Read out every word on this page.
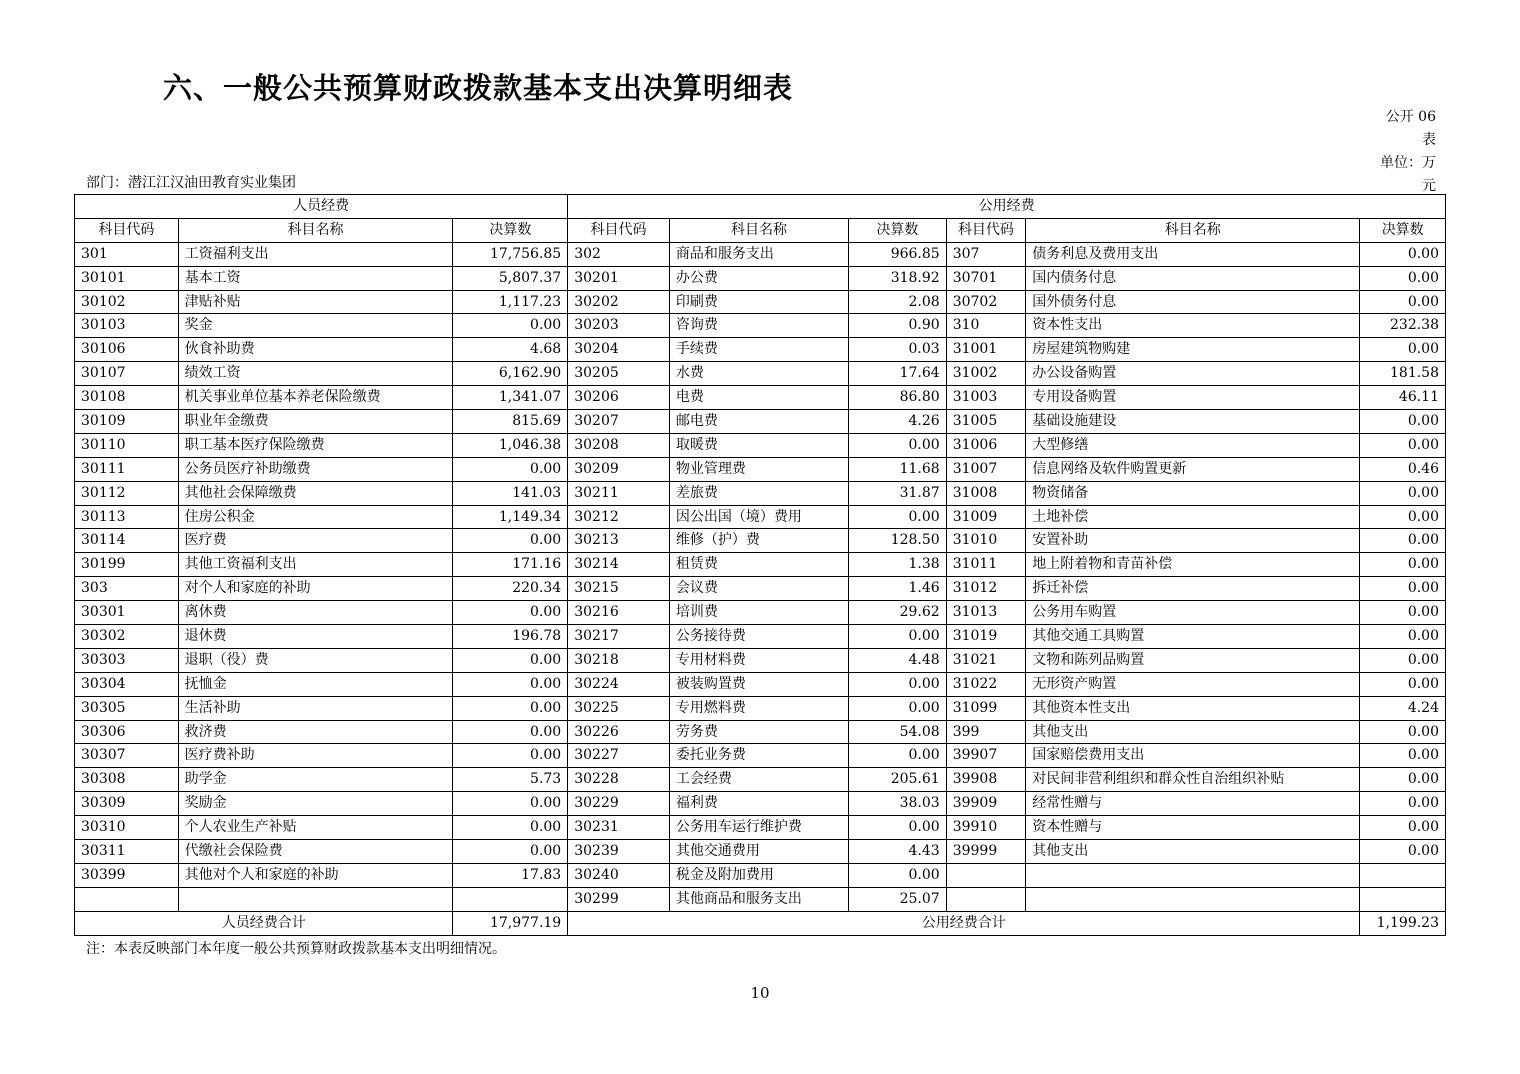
六、一般公共预算财政拨款基本支出决算明细表
公开 06
表
单位：万
元
部门：潜江江汉油田教育实业集团
人员经费			公用经费					
科目代码	科目名称	决算数	科目代码	科目名称	决算数	科目代码	科目名称	决算数
301	工资福利支出	17,756.85	302	商品和服务支出	966.85	307	债务利息及费用支出	0.00
30101	基本工资	5,807.37	30201	办公费	318.92	30701	国内债务付息	0.00
30102	津贴补贴	1,117.23	30202	印刷费	2.08	30702	国外债务付息	0.00
30103	奖金	0.00	30203	咨询费	0.90	310	资本性支出	232.38
30106	伙食补助费	4.68	30204	手续费	0.03	31001	房屋建筑物购建	0.00
30107	绩效工资	6,162.90	30205	水费	17.64	31002	办公设备购置	181.58
30108	机关事业单位基本养老保险缴费	1,341.07	30206	电费	86.80	31003	专用设备购置	46.11
30109	职业年金缴费	815.69	30207	邮电费	4.26	31005	基础设施建设	0.00
30110	职工基本医疗保险缴费	1,046.38	30208	取暖费	0.00	31006	大型修缮	0.00
30111	公务员医疗补助缴费	0.00	30209	物业管理费	11.68	31007	信息网络及软件购置更新	0.46
30112	其他社会保障缴费	141.03	30211	差旅费	31.87	31008	物资储备	0.00
30113	住房公积金	1,149.34	30212	因公出国（境）费用	0.00	31009	土地补偿	0.00
30114	医疗费	0.00	30213	维修（护）费	128.50	31010	安置补助	0.00
30199	其他工资福利支出	171.16	30214	租赁费	1.38	31011	地上附着物和青苗补偿	0.00
303	对个人和家庭的补助	220.34	30215	会议费	1.46	31012	拆迁补偿	0.00
30301	离休费	0.00	30216	培训费	29.62	31013	公务用车购置	0.00
30302	退休费	196.78	30217	公务接待费	0.00	31019	其他交通工具购置	0.00
30303	退职（役）费	0.00	30218	专用材料费	4.48	31021	文物和陈列品购置	0.00
30304	抚恤金	0.00	30224	被装购置费	0.00	31022	无形资产购置	0.00
30305	生活补助	0.00	30225	专用燃料费	0.00	31099	其他资本性支出	4.24
30306	救济费	0.00	30226	劳务费	54.08	399	其他支出	0.00
30307	医疗费补助	0.00	30227	委托业务费	0.00	39907	国家赔偿费用支出	0.00
30308	助学金	5.73	30228	工会经费	205.61	39908	对民间非营利组织和群众性自治组织补贴	0.00
30309	奖励金	0.00	30229	福利费	38.03	39909	经常性赠与	0.00
30310	个人农业生产补贴	0.00	30231	公务用车运行维护费	0.00	39910	资本性赠与	0.00
30311	代缴社会保险费	0.00	30239	其他交通费用	4.43	39999	其他支出	0.00
30399	其他对个人和家庭的补助	17.83	30240	税金及附加费用	0.00			
			30299	其他商品和服务支出	25.07			
人员经费合计		17,977.19	公用经费合计					1,199.23
注：本表反映部门本年度一般公共预算财政拨款基本支出明细情况。
10
